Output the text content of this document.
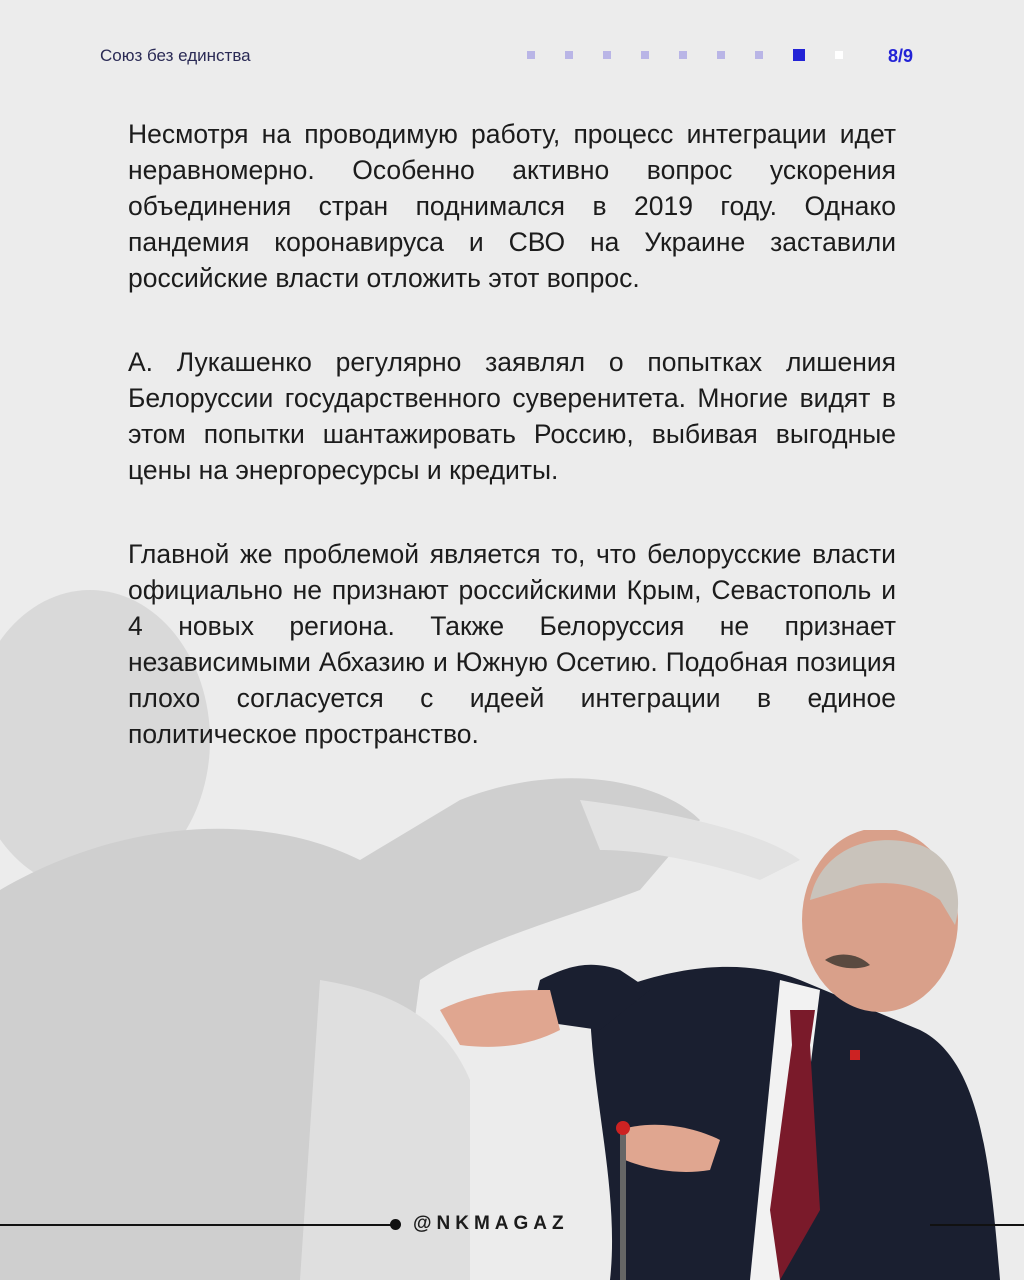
Союз без единства	8/9

Несмотря на проводимую работу, процесс интеграции идет неравномерно. Особенно активно вопрос ускорения объединения стран поднимался в 2019 году. Однако пандемия коронавируса и СВО на Украине заставили российские власти отложить этот вопрос.

А. Лукашенко регулярно заявлял о попытках лишения Белоруссии государственного суверенитета. Многие видят в этом попытки шантажировать Россию, выбивая выгодные цены на энергоресурсы и кредиты.

Главной же проблемой является то, что белорусские власти официально не признают российскими Крым, Севастополь и 4 новых региона. Также Белоруссия не признает независимыми Абхазию и Южную Осетию. Подобная позиция плохо согласуется с идеей интеграции в единое политическое пространство.

@NKMAGAZ
